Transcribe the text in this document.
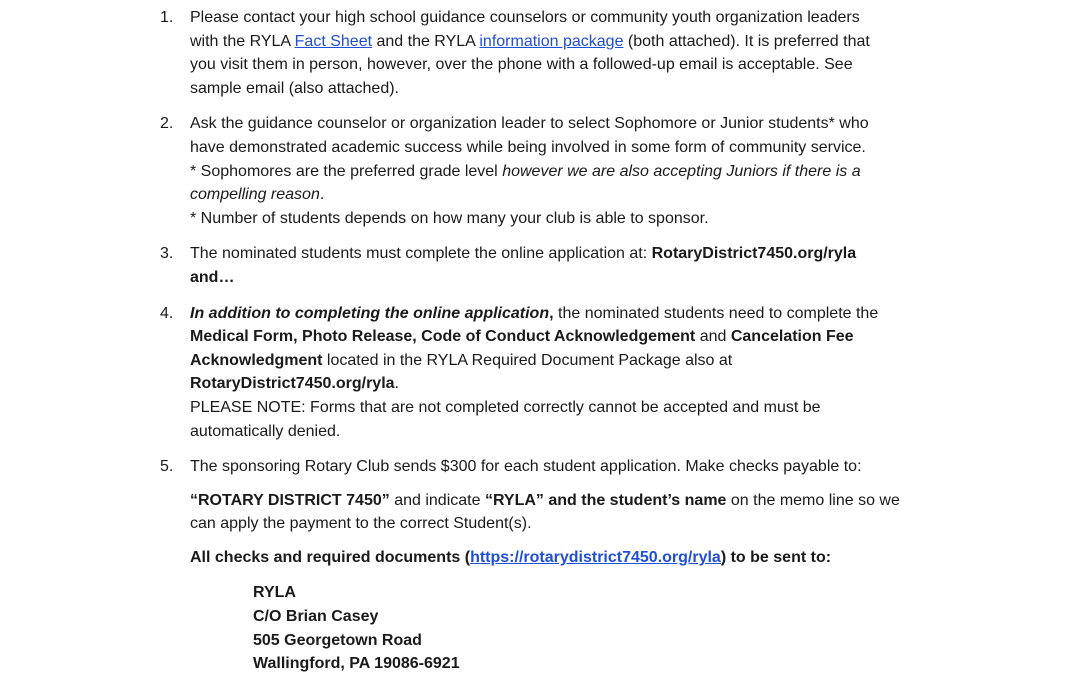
1. Please contact your high school guidance counselors or community youth organization leaders
with the RYLA Fact Sheet and the RYLA information package (both attached). It is preferred that
you visit them in person, however, over the phone with a followed-up email is acceptable. See
sample email (also attached).
2. Ask the guidance counselor or organization leader to select Sophomore or Junior students* who
have demonstrated academic success while being involved in some form of community service.
* Sophomores are the preferred grade level however we are also accepting Juniors if there is a
compelling reason.
* Number of students depends on how many your club is able to sponsor.
3. The nominated students must complete the online application at: RotaryDistrict7450.org/ryla
and…
4. In addition to completing the online application, the nominated students need to complete the
Medical Form, Photo Release, Code of Conduct Acknowledgement and Cancelation Fee
Acknowledgment located in the RYLA Required Document Package also at
RotaryDistrict7450.org/ryla.
PLEASE NOTE: Forms that are not completed correctly cannot be accepted and must be
automatically denied.
5. The sponsoring Rotary Club sends $300 for each student application. Make checks payable to:
“ROTARY DISTRICT 7450” and indicate “RYLA” and the student’s name on the memo line so we
can apply the payment to the correct Student(s).
All checks and required documents (https://rotarydistrict7450.org/ryla) to be sent to:
RYLA
C/O Brian Casey
505 Georgetown Road
Wallingford, PA 19086-6921
